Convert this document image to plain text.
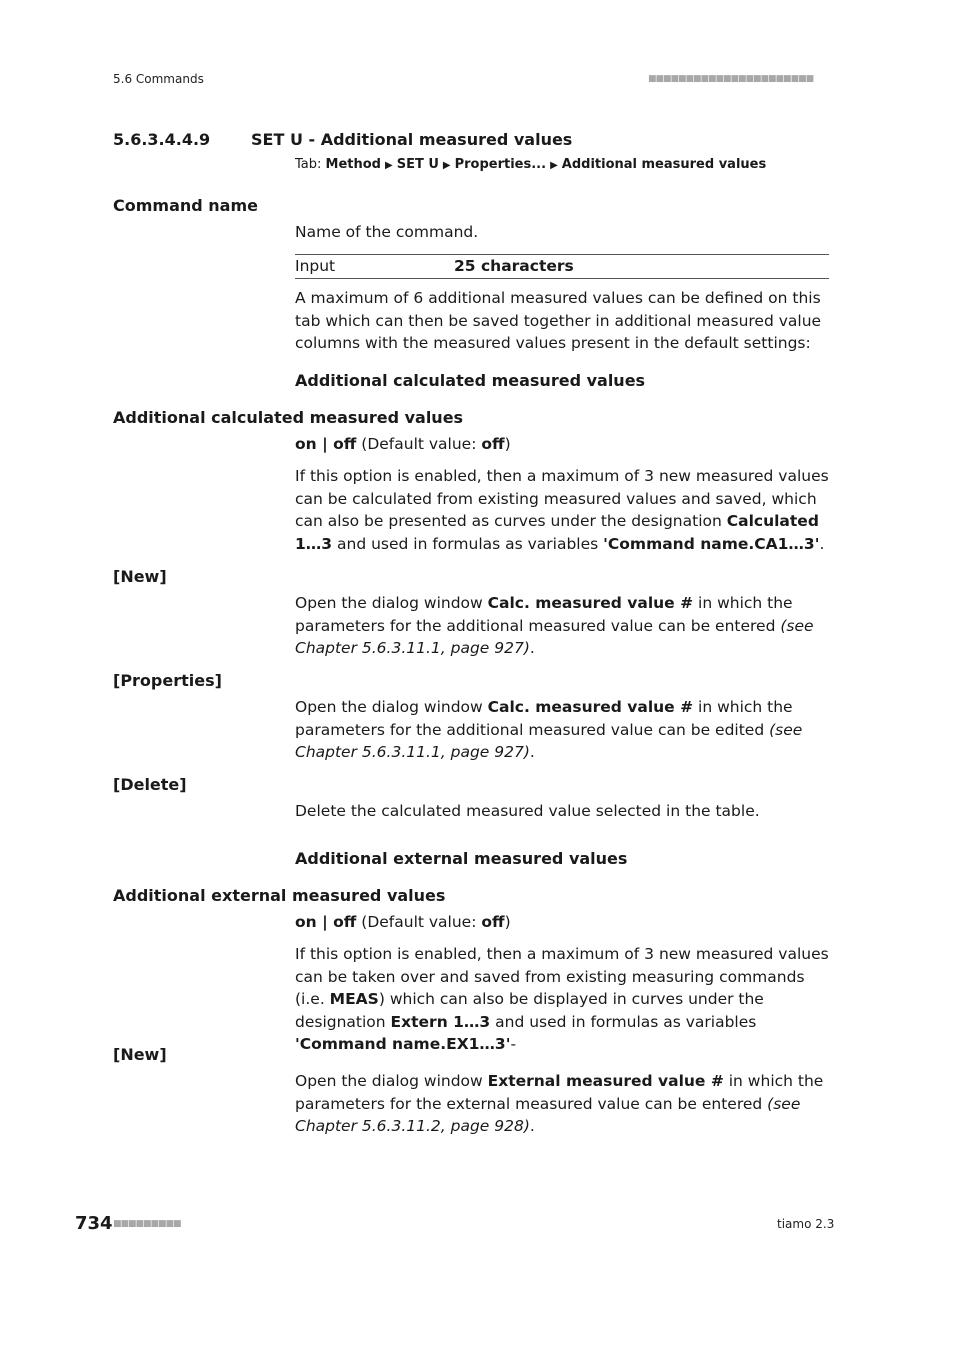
5.6 Commands	■■■■■■■■■■■■■■■■■■■■■■
5.6.3.4.4.9	SET U - Additional measured values
Tab: Method ▶ SET U ▶ Properties... ▶ Additional measured values
Command name
Name of the command.
Input	25 characters
A maximum of 6 additional measured values can be defined on this tab which can then be saved together in additional measured value columns with the measured values present in the default settings:
Additional calculated measured values
Additional calculated measured values
on | off (Default value: off)
If this option is enabled, then a maximum of 3 new measured values can be calculated from existing measured values and saved, which can also be presented as curves under the designation Calculated 1…3 and used in formulas as variables 'Command name.CA1…3'.
[New]
Open the dialog window Calc. measured value # in which the parameters for the additional measured value can be entered (see Chapter 5.6.3.11.1, page 927).
[Properties]
Open the dialog window Calc. measured value # in which the parameters for the additional measured value can be edited (see Chapter 5.6.3.11.1, page 927).
[Delete]
Delete the calculated measured value selected in the table.
Additional external measured values
Additional external measured values
on | off (Default value: off)
If this option is enabled, then a maximum of 3 new measured values can be taken over and saved from existing measuring commands (i.e. MEAS) which can also be displayed in curves under the designation Extern 1…3 and used in formulas as variables 'Command name.EX1…3'-
[New]
Open the dialog window External measured value # in which the parameters for the external measured value can be entered (see Chapter 5.6.3.11.2, page 928).
734 ■■■■■■■■■	tiamo 2.3
